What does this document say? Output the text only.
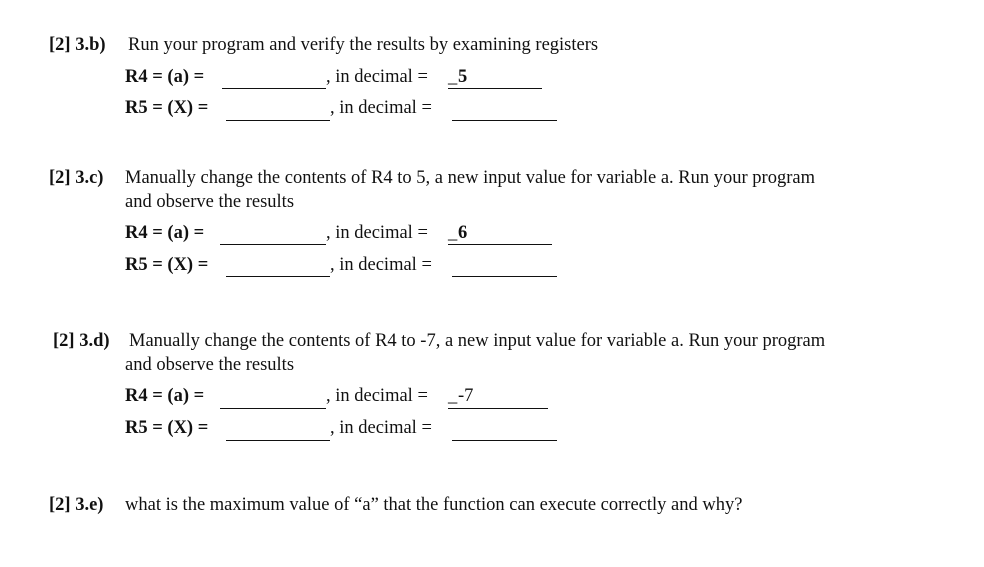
[2] 3.b) Run your program and verify the results by examining registers
R4 = (a) =	, in decimal = _ 5
R5 = (X) =	, in decimal =
[2] 3.c) Manually change the contents of R4 to 5, a new input value for variable a. Run your program
and observe the results
R4 = (a) =	, in decimal = _ 6
R5 = (X) =	, in decimal =
[2] 3.d) Manually change the contents of R4 to -7, a new input value for variable a. Run your program
and observe the results
R4 = (a) =	, in decimal = _ -7
R5 = (X) =	, in decimal =
[2] 3.e) what is the maximum value of “a” that the function can execute correctly and why?
